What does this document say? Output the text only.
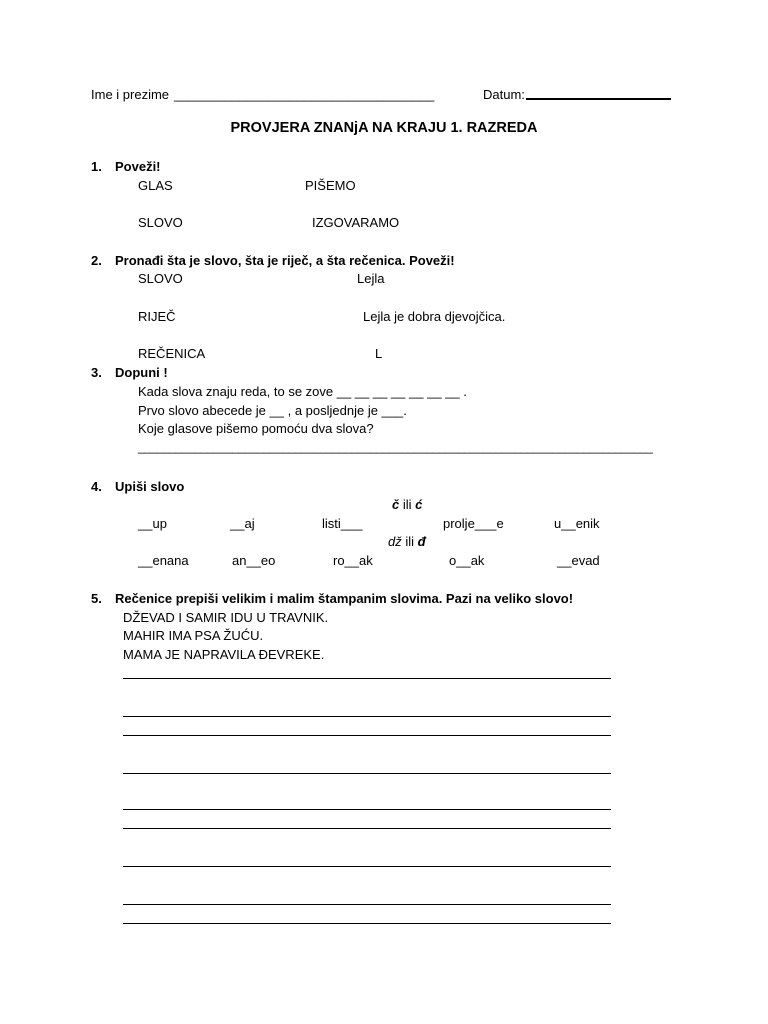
Ime i prezime ____________________________________	Datum:
PROVJERA ZNANjA NA KRAJU 1. RAZREDA
1. Poveži!
GLAS	PIŠEMO
SLOVO	IZGOVARAMO
2. Pronađi šta je slovo, šta je riječ, a šta rečenica. Poveži!
SLOVO	Lejla
RIJEČ	Lejla je dobra djevojčica.
REČENICA	L
3. Dopuni !
Kada slova znaju reda, to se zove __ __ __ __ __ __ __ .
Prvo slovo abecede je __ , a posljednje je ___.
Koje glasove pišemo pomoću dva slova?
__________________________________________________________________________________
4. Upiši slovo
č ili ć
__up	__aj	listi___	prolje___e	u__enik
dž ili đ
__enana	an__eo	ro__ak	o__ak	__evad
5. Rečenice prepiši velikim i malim štampanim slovima. Pazi na veliko slovo!
DŽEVAD I SAMIR IDU U TRAVNIK.
MAHIR IMA PSA ŽUĆU.
MAMA JE NAPRAVILA ĐEVREKE.
